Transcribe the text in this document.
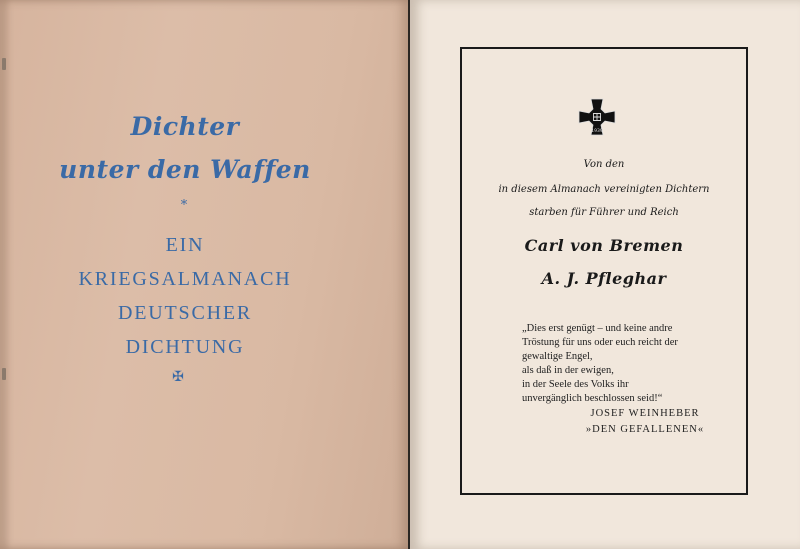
Dichter
unter den Waffen
*
EIN
KRIEGSALMANACH
DEUTSCHER
DICHTUNG
✠
1939
Von den
in diesem Almanach vereinigten Dichtern
starben für Führer und Reich
Carl von Bremen
A. J. Pfleghar
„Dies erst genügt – und keine andre
Tröstung für uns oder euch reicht der
gewaltige Engel,
als daß in der ewigen,
in der Seele des Volks ihr
unvergänglich beschlossen seid!“
JOSEF WEINHEBER
»DEN GEFALLENEN«
